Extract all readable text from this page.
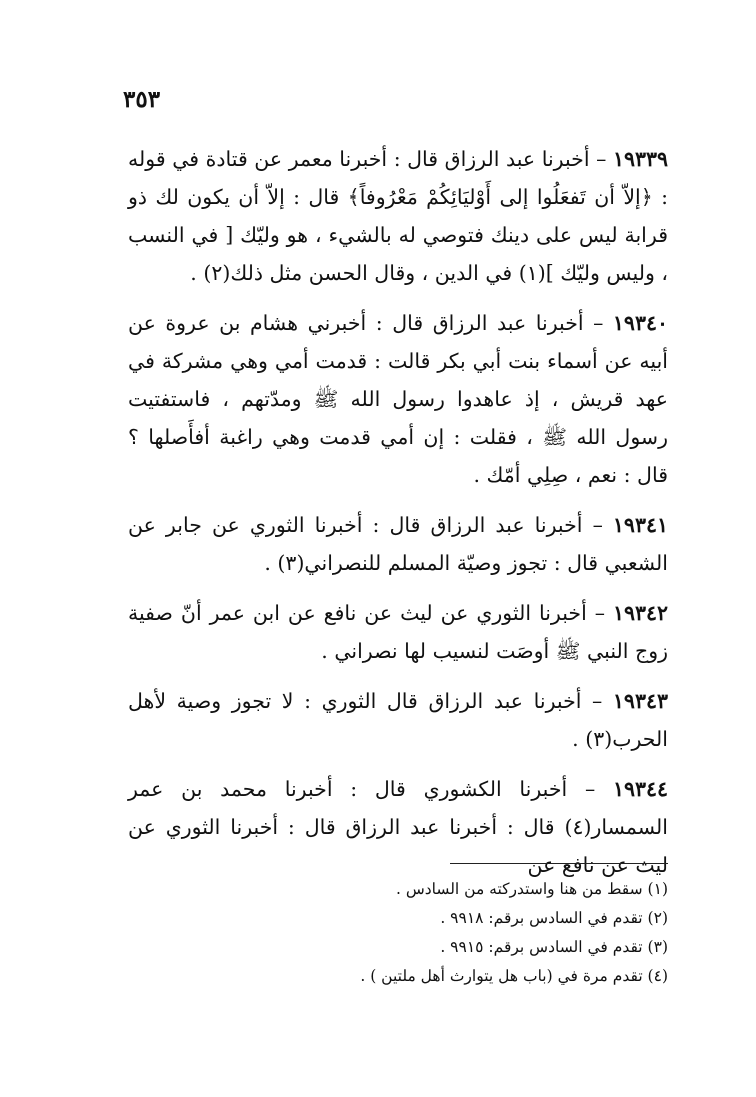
٣٥٣

١٩٣٣٩ – أخبرنا عبد الرزاق قال : أخبرنا معمر عن قتادة في قوله : ﴿إلاّ أن تَفعَلُوا إلى أَوْليَائِكُمْ مَعْرُوفاً﴾ قال : إلاّ أن يكون لك ذو قرابة ليس على دينك فتوصي له بالشيء ، هو وليّك [ في النسب ، وليس وليّك ](١) في الدين ، وقال الحسن مثل ذلك(٢) .

١٩٣٤٠ – أخبرنا عبد الرزاق قال : أخبرني هشام بن عروة عن أبيه عن أسماء بنت أبي بكر قالت : قدمت أمي وهي مشركة في عهد قريش ، إذ عاهدوا رسول الله ﷺ ومدّتهم ، فاستفتيت رسول الله ﷺ ، فقلت : إن أمي قدمت وهي راغبة أفأَصلها ؟ قال : نعم ، صِلِي أمّك .

١٩٣٤١ – أخبرنا عبد الرزاق قال : أخبرنا الثوري عن جابر عن الشعبي قال : تجوز وصيّة المسلم للنصراني(٣) .

١٩٣٤٢ – أخبرنا الثوري عن ليث عن نافع عن ابن عمر أنّ صفية زوج النبي ﷺ أوصَت لنسيب لها نصراني .

١٩٣٤٣ – أخبرنا عبد الرزاق قال الثوري : لا تجوز وصية لأهل الحرب(٣) .

١٩٣٤٤ – أخبرنا الكشوري قال : أخبرنا محمد بن عمر السمسار(٤) قال : أخبرنا عبد الرزاق قال : أخبرنا الثوري عن ليث عن نافع عن

(١) سقط من هنا واستدركته من السادس .

(٢) تقدم في السادس برقم: ٩٩١٨ .

(٣) تقدم في السادس برقم: ٩٩١٥ .

(٤) تقدم مرة في (باب هل يتوارث أهل ملتين ) .
